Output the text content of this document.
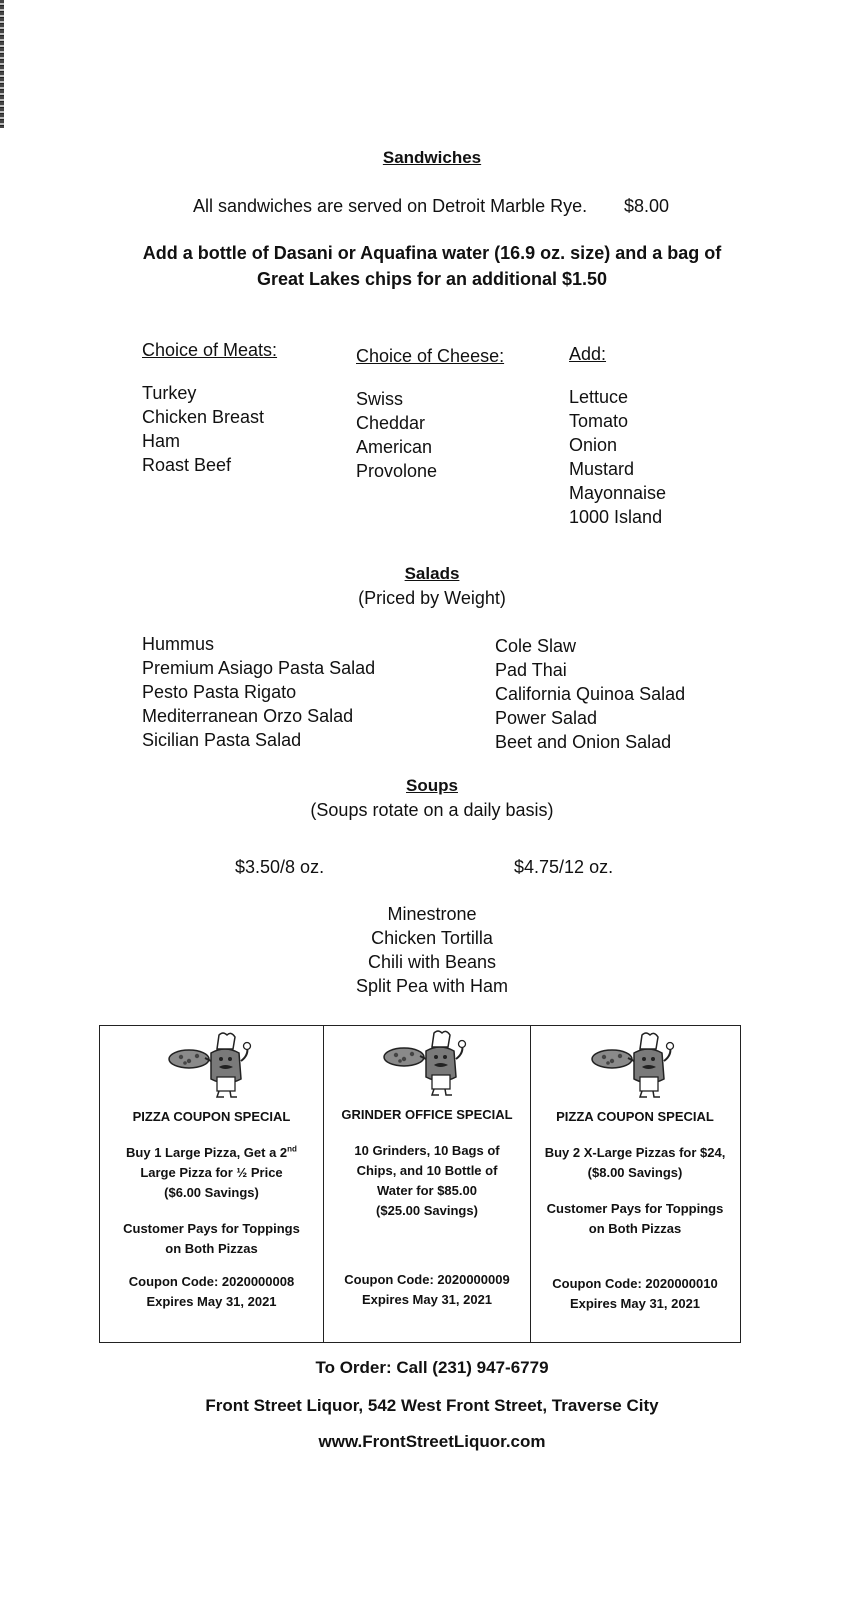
Sandwiches
All sandwiches are served on Detroit Marble Rye. $8.00
Add a bottle of Dasani or Aquafina water (16.9 oz. size) and a bag of
Great Lakes chips for an additional $1.50
Choice of Meats:
Turkey
Chicken Breast
Ham
Roast Beef
Choice of Cheese:
Swiss
Cheddar
American
Provolone
Add:
Lettuce
Tomato
Onion
Mustard
Mayonnaise
1000 Island
Salads
(Priced by Weight)
Hummus
Premium Asiago Pasta Salad
Pesto Pasta Rigato
Mediterranean Orzo Salad
Sicilian Pasta Salad
Cole Slaw
Pad Thai
California Quinoa Salad
Power Salad
Beet and Onion Salad
Soups
(Soups rotate on a daily basis)
$3.50/8 oz.	$4.75/12 oz.
Minestrone
Chicken Tortilla
Chili with Beans
Split Pea with Ham
PIZZA COUPON SPECIAL
Buy 1 Large Pizza, Get a 2nd
Large Pizza for ½ Price
($6.00 Savings)
Customer Pays for Toppings
on Both Pizzas
Coupon Code: 2020000008
Expires May 31, 2021
GRINDER OFFICE SPECIAL
10 Grinders, 10 Bags of
Chips, and 10 Bottle of
Water for $85.00
($25.00 Savings)
Coupon Code: 2020000009
Expires May 31, 2021
PIZZA COUPON SPECIAL
Buy 2 X-Large Pizzas for $24,
($8.00 Savings)
Customer Pays for Toppings
on Both Pizzas
Coupon Code: 2020000010
Expires May 31, 2021
To Order: Call (231) 947-6779
Front Street Liquor, 542 West Front Street, Traverse City
www.FrontStreetLiquor.com
